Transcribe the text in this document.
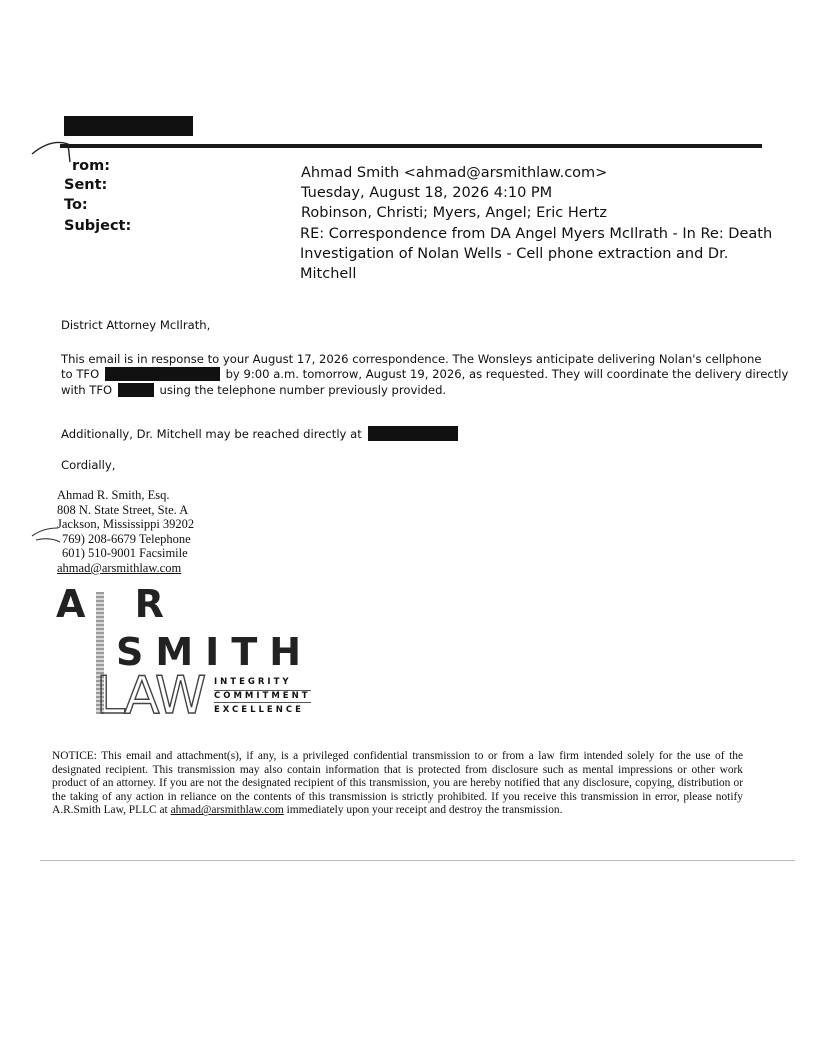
rom:
Sent:
To:
Subject:
Ahmad Smith <ahmad@arsmithlaw.com>
Tuesday, August 18, 2026 4:10 PM
Robinson, Christi; Myers, Angel; Eric Hertz
RE: Correspondence from DA Angel Myers McIlrath - In Re: Death
Investigation of Nolan Wells - Cell phone extraction and Dr.
Mitchell
District Attorney McIlrath,
This email is in response to your August 17, 2026 correspondence. The Wonsleys anticipate delivering Nolan's cellphone
to TFO	by 9:00 a.m. tomorrow, August 19, 2026, as requested. They will coordinate the delivery directly
with TFO	using the telephone number previously provided.
Additionally, Dr. Mitchell may be reached directly at
Cordially,
Ahmad R. Smith, Esq.
808 N. State Street, Ste. A
Jackson, Mississippi 39202
769) 208-6679 Telephone
601) 510-9001 Facsimile
ahmad@arsmithlaw.com
A R
SMITH
LAW INTEGRITY
COMMITMENT
EXCELLENCE
NOTICE: This email and attachment(s), if any, is a privileged confidential transmission to or from a law firm intended solely for the use of the designated recipient. This transmission may also contain information that is protected from disclosure such as mental impressions or other work product of an attorney. If you are not the designated recipient of this transmission, you are hereby notified that any disclosure, copying, distribution or the taking of any action in reliance on the contents of this transmission is strictly prohibited. If you receive this transmission in error, please notify A.R.Smith Law, PLLC at ahmad@arsmithlaw.com immediately upon your receipt and destroy the transmission.
